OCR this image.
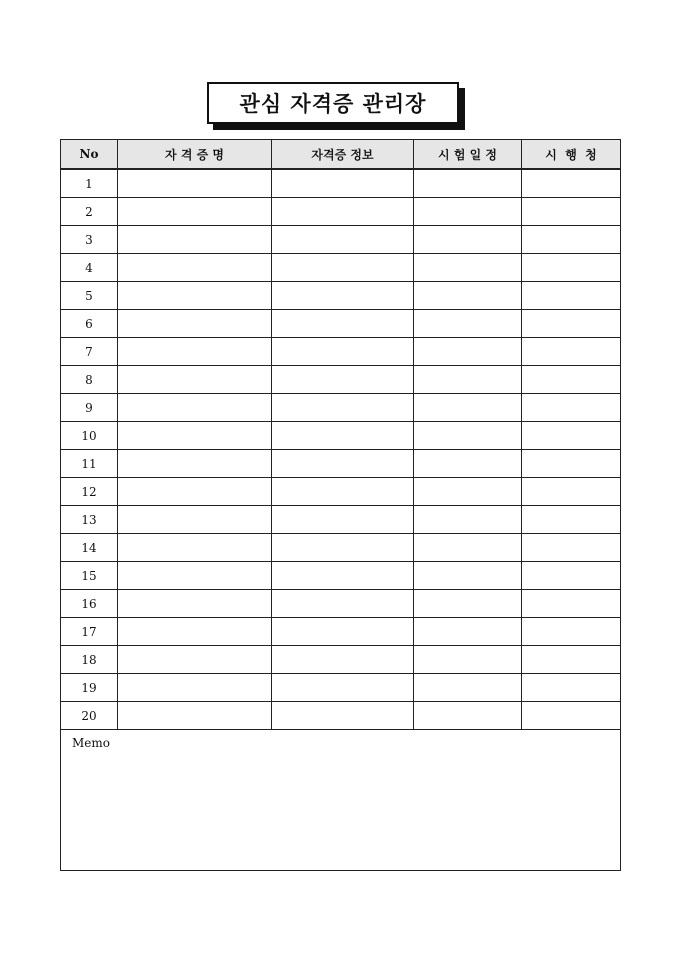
관심 자격증 관리장
No	자 격 증 명	자격증 정보	시 험 일 정	시  행  청
1				
2				
3				
4				
5				
6				
7				
8				
9				
10				
11				
12				
13				
14				
15				
16				
17				
18				
19				
20				
Memo				
